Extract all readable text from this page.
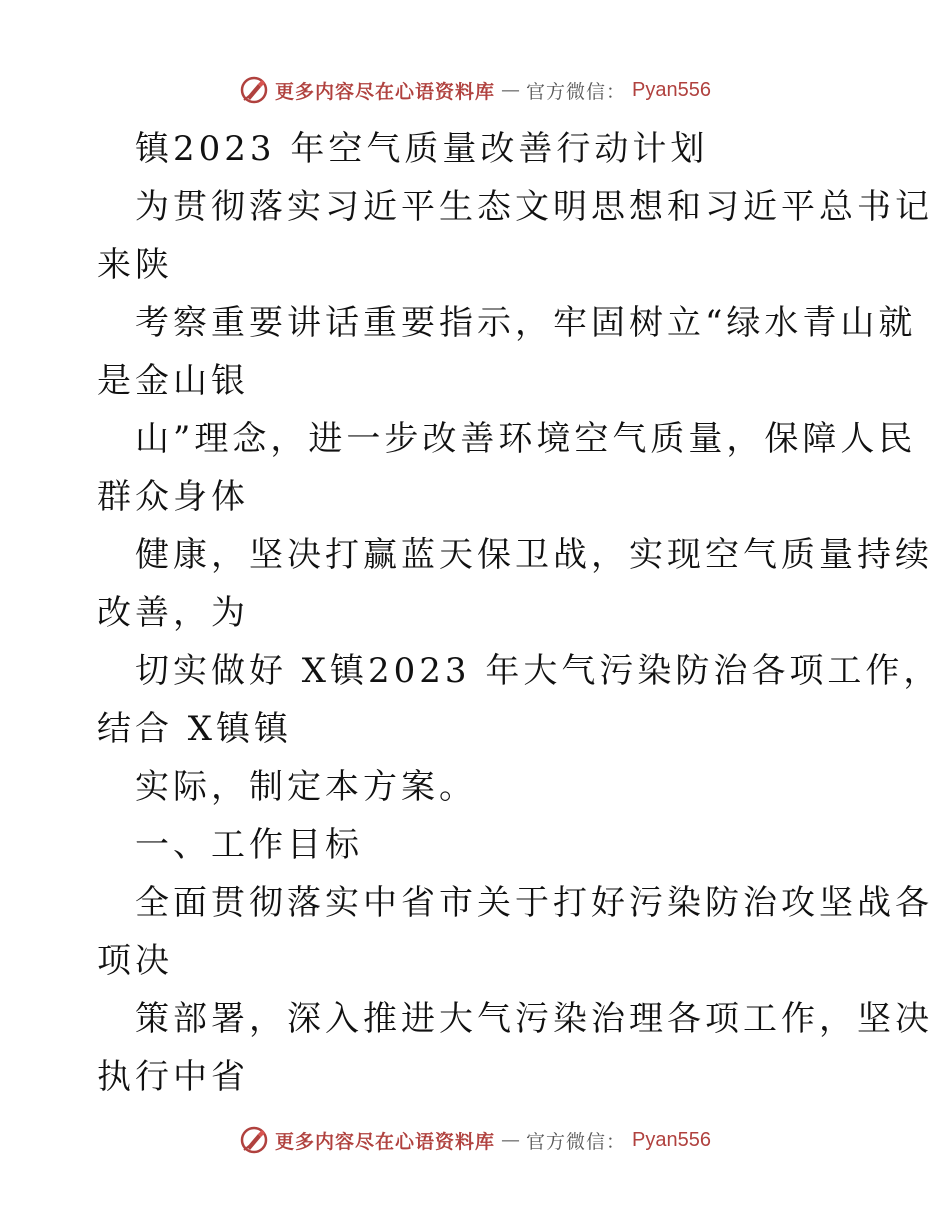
更多内容尽在心语资料库 — 官方微信： Pyan556
镇2023 年空气质量改善行动计划
为贯彻落实习近平生态文明思想和习近平总书记
来陕
考察重要讲话重要指示，牢固树立“绿水青山就
是金山银
山”理念，进一步改善环境空气质量，保障人民
群众身体
健康，坚决打赢蓝天保卫战，实现空气质量持续
改善，为
切实做好 X镇2023 年大气污染防治各项工作，
结合 X镇镇
实际，制定本方案。
一、工作目标
全面贯彻落实中省市关于打好污染防治攻坚战各
项决
策部署，深入推进大气污染治理各项工作，坚决
执行中省
更多内容尽在心语资料库 — 官方微信： Pyan556
